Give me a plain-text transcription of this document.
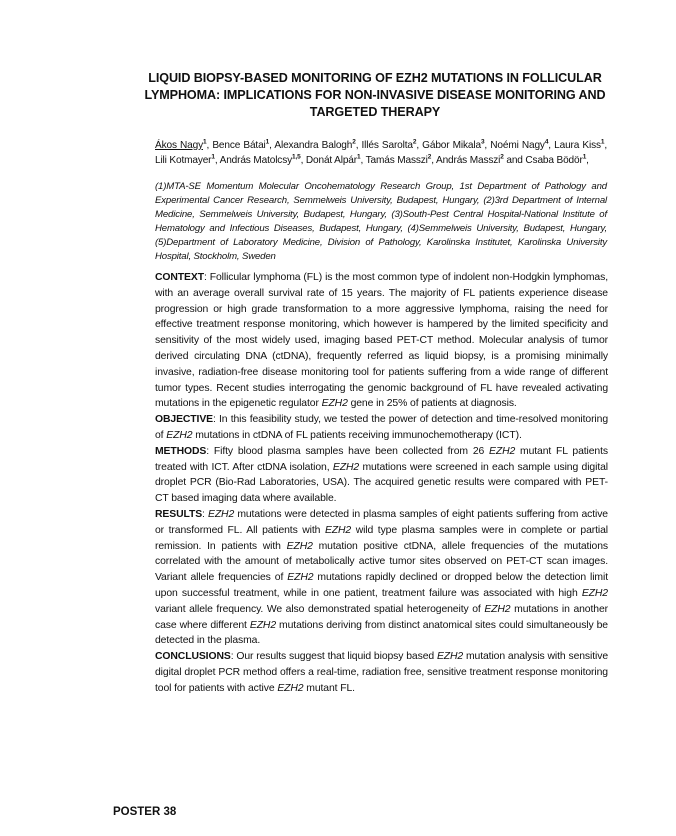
LIQUID BIOPSY-BASED MONITORING OF EZH2 MUTATIONS IN FOLLICULAR LYMPHOMA: IMPLICATIONS FOR NON-INVASIVE DISEASE MONITORING AND TARGETED THERAPY
Ákos Nagy$^1$, Bence Bátai$^1$, Alexandra Balogh$^2$, Illés Sarolta$^2$, Gábor Mikala$^3$, Noémi Nagy$^4$, Laura Kiss$^1$, Lili Kotmayer$^1$, András Matolcsy$^{1,5}$, Donát Alpár$^1$, Tamás Masszi$^2$, András Masszi$^2$ and Csaba Bödör$^1$,
(1)MTA-SE Momentum Molecular Oncohematology Research Group, 1st Department of Pathology and Experimental Cancer Research, Semmelweis University, Budapest, Hungary, (2)3rd Department of Internal Medicine, Semmelweis University, Budapest, Hungary, (3)South-Pest Central Hospital-National Institute of Hematology and Infectious Diseases, Budapest, Hungary, (4)Semmelweis University, Budapest, Hungary, (5)Department of Laboratory Medicine, Division of Pathology, Karolinska Institutet, Karolinska University Hospital, Stockholm, Sweden

CONTEXT: Follicular lymphoma (FL) is the most common type of indolent non-Hodgkin lymphomas, with an average overall survival rate of 15 years. The majority of FL patients experience disease progression or high grade transformation to a more aggressive lymphoma, raising the need for effective treatment response monitoring, which however is hampered by the limited specificity and sensitivity of the most widely used, imaging based PET-CT method. Molecular analysis of tumor derived circulating DNA (ctDNA), frequently referred as liquid biopsy, is a promising minimally invasive, radiation-free disease monitoring tool for patients suffering from a wide range of different tumor types. Recent studies interrogating the genomic background of FL have revealed activating mutations in the epigenetic regulator EZH2 gene in 25% of patients at diagnosis.

OBJECTIVE: In this feasibility study, we tested the power of detection and time-resolved monitoring of EZH2 mutations in ctDNA of FL patients receiving immunochemotherapy (ICT).

METHODS: Fifty blood plasma samples have been collected from 26 EZH2 mutant FL patients treated with ICT. After ctDNA isolation, EZH2 mutations were screened in each sample using digital droplet PCR (Bio-Rad Laboratories, USA). The acquired genetic results were compared with PET-CT based imaging data where available.

RESULTS: EZH2 mutations were detected in plasma samples of eight patients suffering from active or transformed FL. All patients with EZH2 wild type plasma samples were in complete or partial remission. In patients with EZH2 mutation positive ctDNA, allele frequencies of the mutations correlated with the amount of metabolically active tumor sites observed on PET-CT scan images. Variant allele frequencies of EZH2 mutations rapidly declined or dropped below the detection limit upon successful treatment, while in one patient, treatment failure was associated with high EZH2 variant allele frequency. We also demonstrated spatial heterogeneity of EZH2 mutations in another case where different EZH2 mutations deriving from distinct anatomical sites could simultaneously be detected in the plasma.

CONCLUSIONS: Our results suggest that liquid biopsy based EZH2 mutation analysis with sensitive digital droplet PCR method offers a real-time, radiation free, sensitive treatment response monitoring tool for patients with active EZH2 mutant FL.

POSTER 38
